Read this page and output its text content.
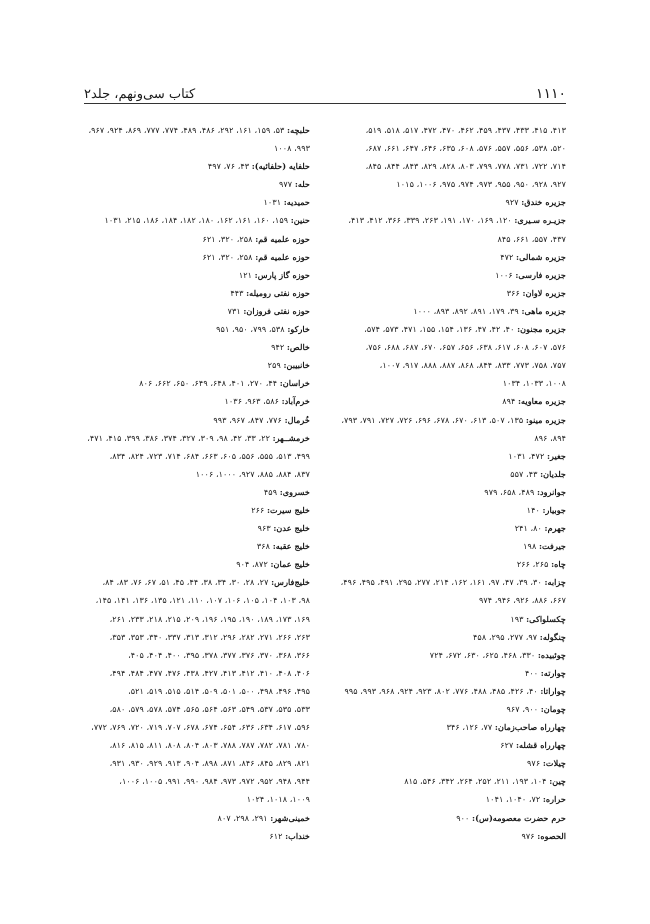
۱۱۱۰
کتاب سی‌ونهم، جلد۲

۴۱۳، ۴۱۵، ۴۳۳، ۴۳۷، ۴۵۹، ۴۶۲، ۴۷۰، ۴۷۲، ۵۱۷، ۵۱۸، ۵۱۹،

۵۲۰، ۵۳۸، ۵۵۶، ۵۵۷، ۵۷۶، ۶۰۸، ۶۳۵، ۶۴۶، ۶۴۷، ۶۶۱، ۶۸۷،

۷۱۴، ۷۲۲، ۷۳۱، ۷۷۸، ۷۹۹، ۸۰۳، ۸۲۸، ۸۲۹، ۸۴۳، ۸۴۴، ۸۴۵،

۹۲۷، ۹۲۸، ۹۵۰، ۹۵۵، ۹۷۳، ۹۷۴، ۹۷۵، ۱۰۰۶، ۱۰۱۵

جزیره خندق: ۹۲۷

جزیـره سـیری: ۱۲۰، ۱۶۹، ۱۷۰، ۱۹۱، ۲۶۳، ۳۳۹، ۳۶۶، ۴۱۲، ۴۱۳،

۴۳۷، ۵۵۷، ۶۶۱، ۸۴۵

جزیره شمالی: ۴۷۲

جزیره فارسی: ۱۰۰۶

جزیره لاوان: ۳۶۶

جزیره ماهی: ۳۹، ۱۷۹، ۸۹۱، ۸۹۲، ۸۹۳، ۱۰۰۰

جزیره مجنون: ۴۰، ۴۲، ۴۷، ۱۳۶، ۱۵۴، ۱۵۵، ۴۷۱، ۵۷۳، ۵۷۴،

۵۷۶، ۶۰۷، ۶۰۸، ۶۱۷، ۶۳۸، ۶۵۶، ۶۵۷، ۶۷۰، ۶۸۷، ۶۸۸، ۷۵۶،

۷۵۷، ۷۵۸، ۷۷۳، ۸۳۳، ۸۴۴، ۸۶۸، ۸۸۷، ۸۸۸، ۹۱۷، ۱۰۰۷،

۱۰۰۸، ۱۰۳۳، ۱۰۳۴

جزیره معاویه: ۸۹۴

جزیره مینو: ۱۳۵، ۵۰۷، ۶۱۳، ۶۷۰، ۶۷۸، ۶۹۶، ۷۲۶، ۷۲۷، ۷۹۱، ۷۹۳،

۸۹۴، ۸۹۶

جغیر: ۴۷۲، ۱۰۳۱

جلدیان: ۴۳، ۵۵۷

جوانرود: ۴۸۹، ۶۵۸، ۹۷۹

جوبیار: ۱۴۰

جهرم: ۸۰، ۲۴۱

جیرفت: ۱۹۸

چاه: ۲۶۵، ۲۶۶

چزابه: ۳۰، ۳۹، ۴۷، ۹۷، ۱۶۱، ۱۶۲، ۲۱۴، ۲۷۷، ۲۹۵، ۴۹۱، ۴۹۵، ۴۹۶،

۶۶۷، ۸۸۶، ۹۲۶، ۹۴۶، ۹۷۴

چکسلواکی: ۱۹۳

چنگوله: ۹۷، ۲۷۷، ۲۹۵، ۴۵۸

چوئبیده: ۳۳۰، ۴۶۸، ۶۲۵، ۶۳۰، ۶۷۲، ۷۲۴

چوارته: ۴۰۰

چواراتا: ۴۰، ۴۲۶، ۴۸۵، ۴۸۸، ۷۷۶، ۸۰۲، ۹۲۳، ۹۲۴، ۹۶۸، ۹۹۳، ۹۹۵

چومان: ۹۰۰، ۹۶۷

چهارراه صاحب‌زمان: ۷۷، ۱۲۶، ۳۴۶

چهارراه قشله: ۶۲۷

چیلات: ۹۷۶

چین: ۱۰۴، ۱۹۳، ۲۱۱، ۲۵۲، ۲۶۴، ۳۴۲، ۵۴۶، ۸۱۵

حراره: ۷۲، ۱۰۴۰، ۱۰۴۱

حرم حضرت معصومه(س): ۹۰۰

الحصوه: ۹۷۶

حلبچه: ۵۳، ۱۵۹، ۱۶۱، ۲۹۲، ۴۸۶، ۴۸۹، ۷۷۴، ۷۷۷، ۸۶۹، ۹۲۴، ۹۶۷،

۹۹۳، ۱۰۰۸

حلفایه (حلفائیه): ۴۳، ۷۶، ۴۹۷

حله: ۹۷۷

حمیدیه: ۱۰۳۱

حنین: ۱۵۹، ۱۶۰، ۱۶۱، ۱۶۲، ۱۸۰، ۱۸۲، ۱۸۴، ۱۸۶، ۲۱۵، ۱۰۳۱

حوزه علمیه قم: ۲۵۸، ۳۲۰، ۶۲۱

حوزه علمیه قم: ۲۵۸، ۳۲۰، ۶۲۱

حوزه گاز پارس: ۱۲۱

حوزه نفتی رومیله: ۴۴۳

حوزه نفتی فروزان: ۷۳۱

خارکو: ۵۳۸، ۷۹۹، ۹۵۰، ۹۵۱

خالص: ۹۴۲

خانبیبن: ۲۵۹

خراسان: ۴۴، ۲۷۰، ۴۰۱، ۶۴۸، ۶۴۹، ۶۵۰، ۶۶۲، ۸۰۶

خرم‌آباد: ۵۸۶، ۹۶۳، ۱۰۳۶

خُرمال: ۷۷۶، ۸۴۷، ۹۶۷، ۹۹۳

خرمشــهر: ۲۲، ۳۳، ۴۲، ۹۸، ۳۰۹، ۳۲۷، ۳۷۴، ۳۸۶، ۳۹۹، ۴۱۵، ۴۷۱،

۴۹۹، ۵۱۳، ۵۵۵، ۵۵۶، ۶۰۵، ۶۶۳، ۶۸۴، ۷۱۴، ۷۲۳، ۸۲۴، ۸۳۴،

۸۳۷، ۸۸۴، ۸۸۵، ۹۲۷، ۱۰۰۰، ۱۰۰۶

خسروی: ۴۵۹

خلیج سیرت: ۲۶۶

خلیج عدن: ۹۶۳

خلیج عقبه: ۳۶۸

خلیج عمان: ۸۷۲، ۹۰۴

خلیج‌فارس: ۲۷، ۲۸، ۳۰، ۳۴، ۳۸، ۴۴، ۴۵، ۵۱، ۶۷، ۷۶، ۸۳، ۸۴،

۹۸، ۱۰۳، ۱۰۴، ۱۰۵، ۱۰۶، ۱۰۷، ۱۱۰، ۱۲۱، ۱۳۵، ۱۳۶، ۱۴۱، ۱۴۵،

۱۶۹، ۱۷۳، ۱۸۹، ۱۹۰، ۱۹۵، ۱۹۶، ۲۰۹، ۲۱۵، ۲۱۸، ۲۳۳، ۲۶۱،

۲۶۳، ۲۶۶، ۲۷۱، ۲۸۲، ۲۹۶، ۳۱۲، ۳۱۳، ۳۳۷، ۳۴۰، ۳۵۳، ۳۵۳،

۳۶۶، ۳۶۸، ۳۷۰، ۳۷۶، ۳۷۷، ۳۷۸، ۳۹۵، ۴۰۰، ۴۰۴، ۴۰۵،

۴۰۶، ۴۰۸، ۴۱۰، ۴۱۲، ۴۱۳، ۴۲۷، ۴۳۸، ۴۷۶، ۴۷۷، ۴۸۴، ۴۹۴،

۴۹۵، ۴۹۶، ۴۹۸، ۵۰۰، ۵۰۱، ۵۰۹، ۵۱۴، ۵۱۵، ۵۱۹، ۵۲۱،

۵۳۳، ۵۳۵، ۵۳۷، ۵۴۹، ۵۶۳، ۵۶۴، ۵۶۵، ۵۷۴، ۵۷۸، ۵۷۹، ۵۸۰،

۵۹۶، ۶۱۷، ۶۳۴، ۶۳۶، ۶۵۴، ۶۷۴، ۶۷۸، ۷۰۷، ۷۱۹، ۷۲۰، ۷۶۹، ۷۷۲،

۷۸۰، ۷۸۱، ۷۸۲، ۷۸۷، ۷۸۸، ۸۰۳، ۸۰۴، ۸۰۸، ۸۱۱، ۸۱۵، ۸۱۶،

۸۲۱، ۸۲۹، ۸۴۵، ۸۴۶، ۸۷۱، ۸۹۸، ۹۰۴، ۹۱۳، ۹۲۹، ۹۳۰، ۹۳۱،

۹۴۴، ۹۴۸، ۹۵۲، ۹۷۲، ۹۷۳، ۹۸۴، ۹۹۰، ۹۹۱، ۱۰۰۵، ۱۰۰۶،

۱۰۰۹، ۱۰۱۸، ۱۰۲۴

خمینی‌شهر: ۲۹۱، ۲۹۸، ۸۰۷

خنداب: ۶۱۲
